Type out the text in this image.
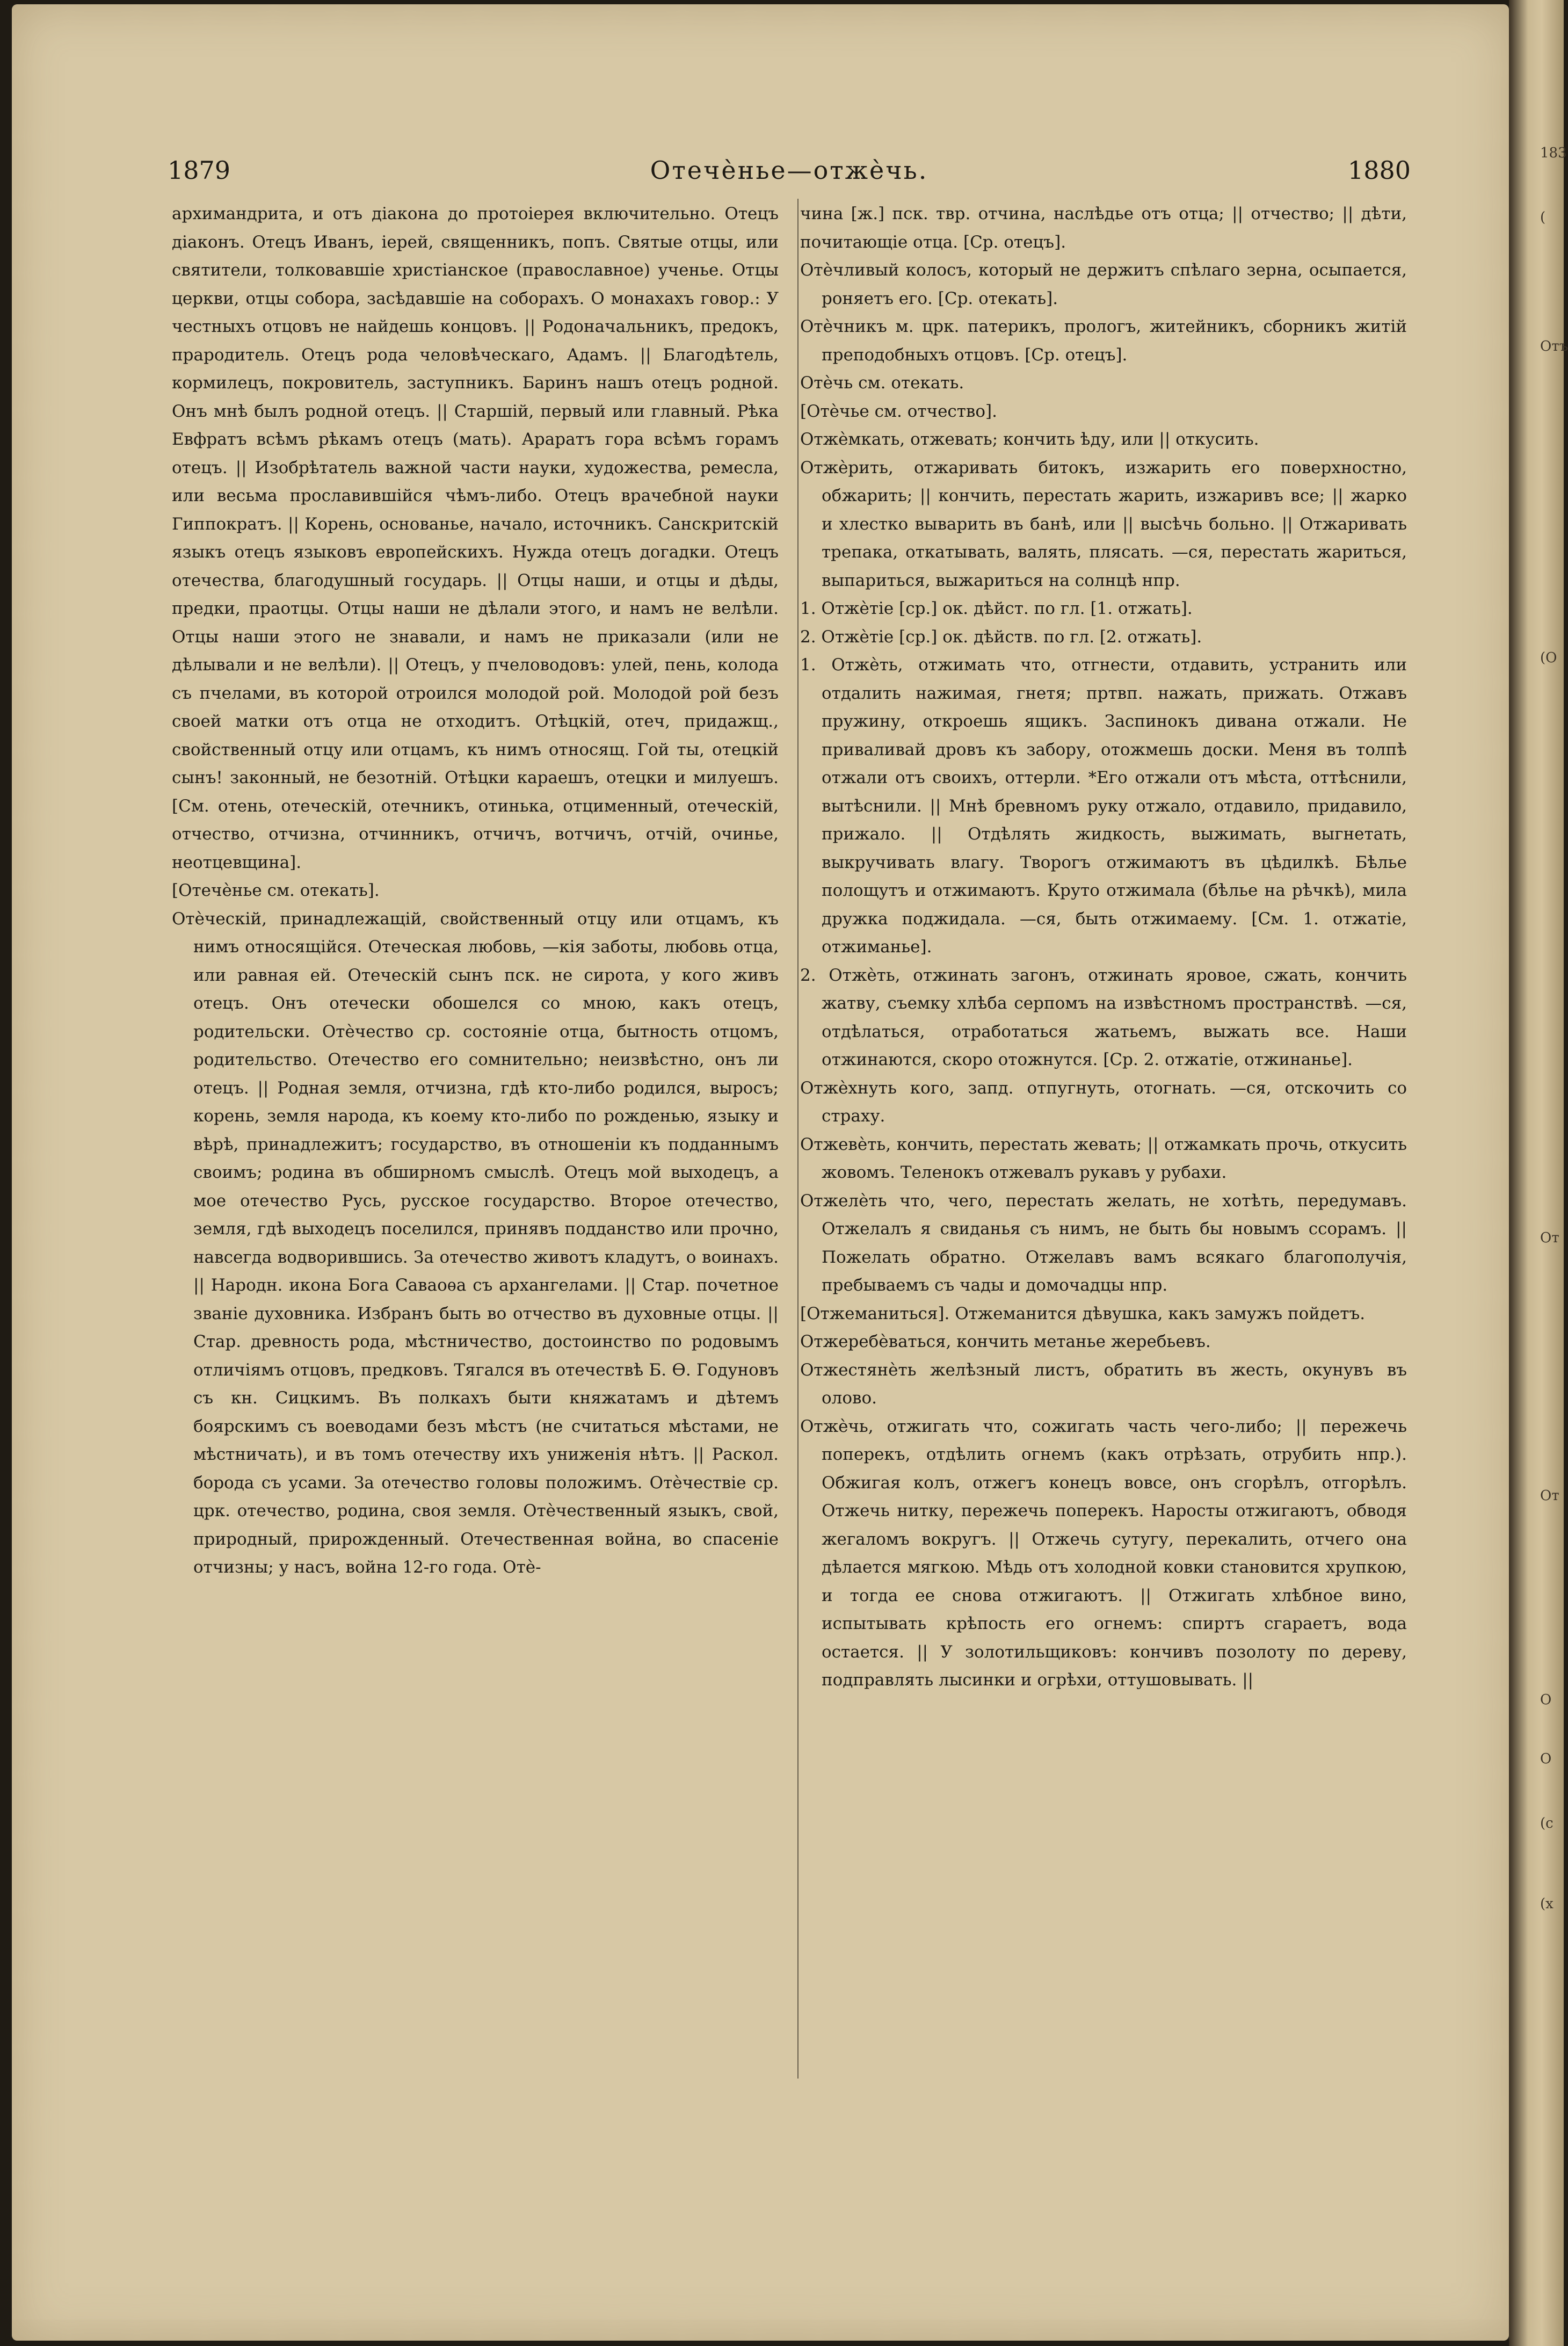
1879	Отечѐнье—отжѐчь.	1880

архимандрита, и отъ діакона до протоіерея включительно. Отецъ діаконъ. Отецъ Иванъ, іерей, священникъ, попъ. Святые отцы, или святители, толковавшіе христіанское (православное) ученье. Отцы церкви, отцы собора, засѣдавшіе на соборахъ. О монахахъ говор.: У честныхъ отцовъ не найдешь концовъ. || Родоначальникъ, предокъ, прародитель. Отецъ рода человѣческаго, Адамъ. || Благодѣтель, кормилецъ, покровитель, заступникъ. Баринъ нашъ отецъ родной. Онъ мнѣ былъ родной отецъ. || Старшій, первый или главный. Рѣка Евфратъ всѣмъ рѣкамъ отецъ (мать). Араратъ гора всѣмъ горамъ отецъ. || Изобрѣтатель важной части науки, художества, ремесла, или весьма прославившійся чѣмъ-либо. Отецъ врачебной науки Гиппократъ. || Корень, основанье, начало, источникъ. Санскритскій языкъ отецъ языковъ европейскихъ. Нужда отецъ догадки. Отецъ отечества, благодушный государь. || Отцы наши, и отцы и дѣды, предки, праотцы. Отцы наши не дѣлали этого, и намъ не велѣли. Отцы наши этого не знавали, и намъ не приказали (или не дѣлывали и не велѣли). || Отецъ, у пчеловодовъ: улей, пень, колода съ пчелами, въ которой отроился молодой рой. Молодой рой безъ своей матки отъ отца не отходитъ. Отѣцкій, отеч, придажщ., свойственный отцу или отцамъ, къ нимъ относящ. Гой ты, отецкій сынъ! законный, не безотній. Отѣцки караешъ, отецки и милуешъ. [См. отень, отеческій, отечникъ, отинька, отцименный, отеческій, отчество, отчизна, отчинникъ, отчичъ, вотчичъ, отчій, очинье, неотцевщина].

[Отечѐнье см. отекать].

Отѐческій, принадлежащій, свойственный отцу или отцамъ, къ нимъ относящійся. Отеческая любовь, —кія заботы, любовь отца, или равная ей. Отеческій сынъ пск. не сирота, у кого живъ отецъ. Онъ отечески обошелся со мною, какъ отецъ, родительски. Отѐчество ср. состояніе отца, бытность отцомъ, родительство. Отечество его сомнительно; неизвѣстно, онъ ли отецъ. || Родная земля, отчизна, гдѣ кто-либо родился, выросъ; корень, земля народа, къ коему кто-либо по рожденью, языку и вѣрѣ, принадлежитъ; государство, въ отношеніи къ подданнымъ своимъ; родина въ обширномъ смыслѣ. Отецъ мой выходецъ, а мое отечество Русь, русское государство. Второе отечество, земля, гдѣ выходецъ поселился, принявъ подданство или прочно, навсегда водворившись. За отечество животъ кладутъ, о воинахъ. || Народн. икона Бога Саваоѳа съ архангелами. || Стар. почетное званіе духовника. Избранъ быть во отчество въ духовные отцы. || Стар. древность рода, мѣстничество, достоинство по родовымъ отличіямъ отцовъ, предковъ. Тягался въ отечествѣ Б. Ѳ. Годуновъ съ кн. Сицкимъ. Въ полкахъ быти княжатамъ и дѣтемъ боярскимъ съ воеводами безъ мѣстъ (не считаться мѣстами, не мѣстничать), и въ томъ отечеству ихъ униженія нѣтъ. || Раскол. борода съ усами. За отечество головы положимъ. Отѐчествіе ср. црк. отечество, родина, своя земля. Отѐчественный языкъ, свой, природный, прирожденный. Отечественная война, во спасеніе отчизны; у насъ, война 12-го года. Отѐ-

чина [ж.] пск. твр. отчина, наслѣдье отъ отца; || отчество; || дѣти, почитающіе отца. [Ср. отецъ].

Отѐчливый колосъ, который не держитъ спѣлаго зерна, осыпается, роняетъ его. [Ср. отекать].

Отѐчникъ м. црк. патерикъ, прологъ, житейникъ, сборникъ житій преподобныхъ отцовъ. [Ср. отецъ].

Отѐчь см. отекать.

[Отѐчье см. отчество].

Отжѐмкать, отжевать; кончить ѣду, или || откусить.

Отжѐрить, отжаривать битокъ, изжарить его поверхностно, обжарить; || кончить, перестать жарить, изжаривъ все; || жарко и хлестко выварить въ банѣ, или || высѣчь больно. || Отжаривать трепака, откатывать, валять, плясать. —ся, перестать жариться, выпариться, выжариться на солнцѣ нпр.

1. Отжѐтіе [ср.] ок. дѣйст. по гл. [1. отжать].

2. Отжѐтіе [ср.] ок. дѣйств. по гл. [2. отжать].

1. Отжѐть, отжимать что, отгнести, отдавить, устранить или отдалить нажимая, гнетя; пртвп. нажать, прижать. Отжавъ пружину, откроешь ящикъ. Заспинокъ дивана отжали. Не приваливай дровъ къ забору, отожмешь доски. Меня въ толпѣ отжали отъ своихъ, оттерли. *Его отжали отъ мѣста, оттѣснили, вытѣснили. || Мнѣ бревномъ руку отжало, отдавило, придавило, прижало. || Отдѣлять жидкость, выжимать, выгнетать, выкручивать влагу. Творогъ отжимаютъ въ цѣдилкѣ. Бѣлье полощутъ и отжимаютъ. Круто отжимала (бѣлье на рѣчкѣ), мила дружка поджидала. —ся, быть отжимаему. [См. 1. отжатіе, отжиманье].

2. Отжѐть, отжинать загонъ, отжинать яровое, сжать, кончить жатву, съемку хлѣба серпомъ на извѣстномъ пространствѣ. —ся, отдѣлаться, отработаться жатьемъ, выжать все. Наши отжинаются, скоро отожнутся. [Ср. 2. отжатіе, отжинанье].

Отжѐхнуть кого, запд. отпугнуть, отогнать. —ся, отскочить со страху.

Отжевѐть, кончить, перестать жевать; || отжамкать прочь, откусить жовомъ. Теленокъ отжевалъ рукавъ у рубахи.

Отжелѐть что, чего, перестать желать, не хотѣть, передумавъ. Отжелалъ я свиданья съ нимъ, не быть бы новымъ ссорамъ. || Пожелать обратно. Отжелавъ вамъ всякаго благополучія, пребываемъ съ чады и домочадцы нпр.

[Отжеманиться]. Отжеманится дѣвушка, какъ замужъ пойдетъ.

Отжеребѐваться, кончить метанье жеребьевъ.

Отжестянѐть желѣзный листъ, обратить въ жесть, окунувъ въ олово.

Отжѐчь, отжигать что, сожигать часть чего-либо; || пережечь поперекъ, отдѣлить огнемъ (какъ отрѣзать, отрубить нпр.). Обжигая колъ, отжегъ конецъ вовсе, онъ сгорѣлъ, отгорѣлъ. Отжечь нитку, пережечь поперекъ. Наросты отжигаютъ, обводя жегаломъ вокругъ. || Отжечь сутугу, перекалить, отчего она дѣлается мягкою. Мѣдь отъ холодной ковки становится хрупкою, и тогда ее снова отжигаютъ. || Отжигать хлѣбное вино, испытывать крѣпость его огнемъ: спиртъ сгараетъ, вода остается. || У золотильщиковъ: кончивъ позолоту по дереву, подправлять лысинки и огрѣхи, оттушовывать. ||

183
(
Отъ
(О
От
От
О
О
(с
(х
